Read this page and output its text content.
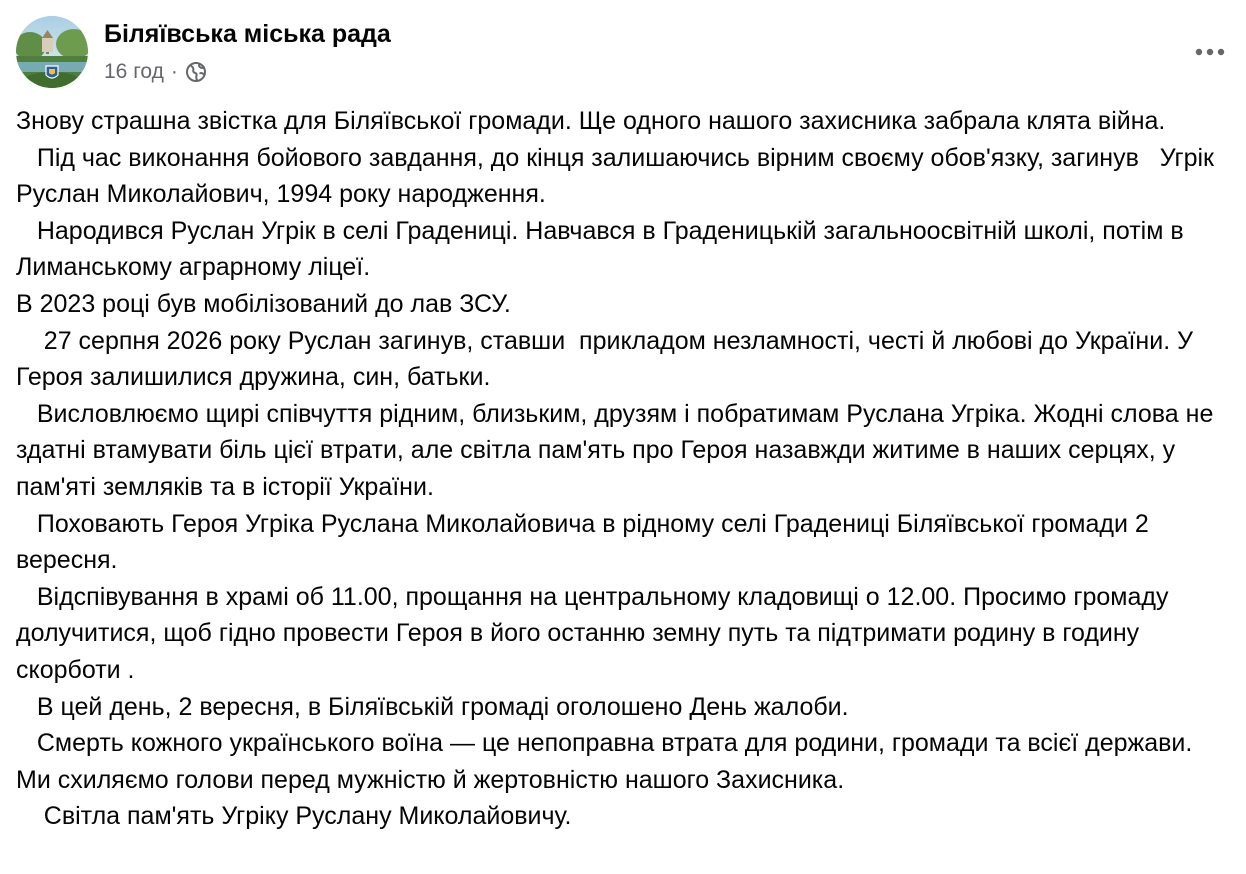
Біляївська міська рада
16 год ·
Знову страшна звістка для Біляївської громади. Ще одного нашого захисника забрала клята війна.
Під час виконання бойового завдання, до кінця залишаючись вірним своєму обов'язку, загинув   Угрік Руслан Миколайович, 1994 року народження.
Народився Руслан Угрік в селі Градениці. Навчався в Граденицькій загальноосвітній школі, потім в Лиманському аграрному ліцеї.
В 2023 році був мобілізований до лав ЗСУ.
27 серпня 2026 року Руслан загинув, ставши  прикладом незламності, честі й любові до України. У Героя залишилися дружина, син, батьки.
Висловлюємо щирі співчуття рідним, близьким, друзям і побратимам Руслана Угріка. Жодні слова не здатні втамувати біль цієї втрати, але світла пам'ять про Героя назавжди житиме в наших серцях, у пам'яті земляків та в історії України.
Поховають Героя Угріка Руслана Миколайовича в рідному селі Градениці Біляївської громади 2 вересня.
Відспівування в храмі об 11.00, прощання на центральному кладовищі о 12.00. Просимо громаду долучитися, щоб гідно провести Героя в його останню земну путь та підтримати родину в годину скорботи .
В цей день, 2 вересня, в Біляївській громаді оголошено День жалоби.
Смерть кожного українського воїна — це непоправна втрата для родини, громади та всієї держави. Ми схиляємо голови перед мужністю й жертовністю нашого Захисника.
Світла пам'ять Угріку Руслану Миколайовичу.
